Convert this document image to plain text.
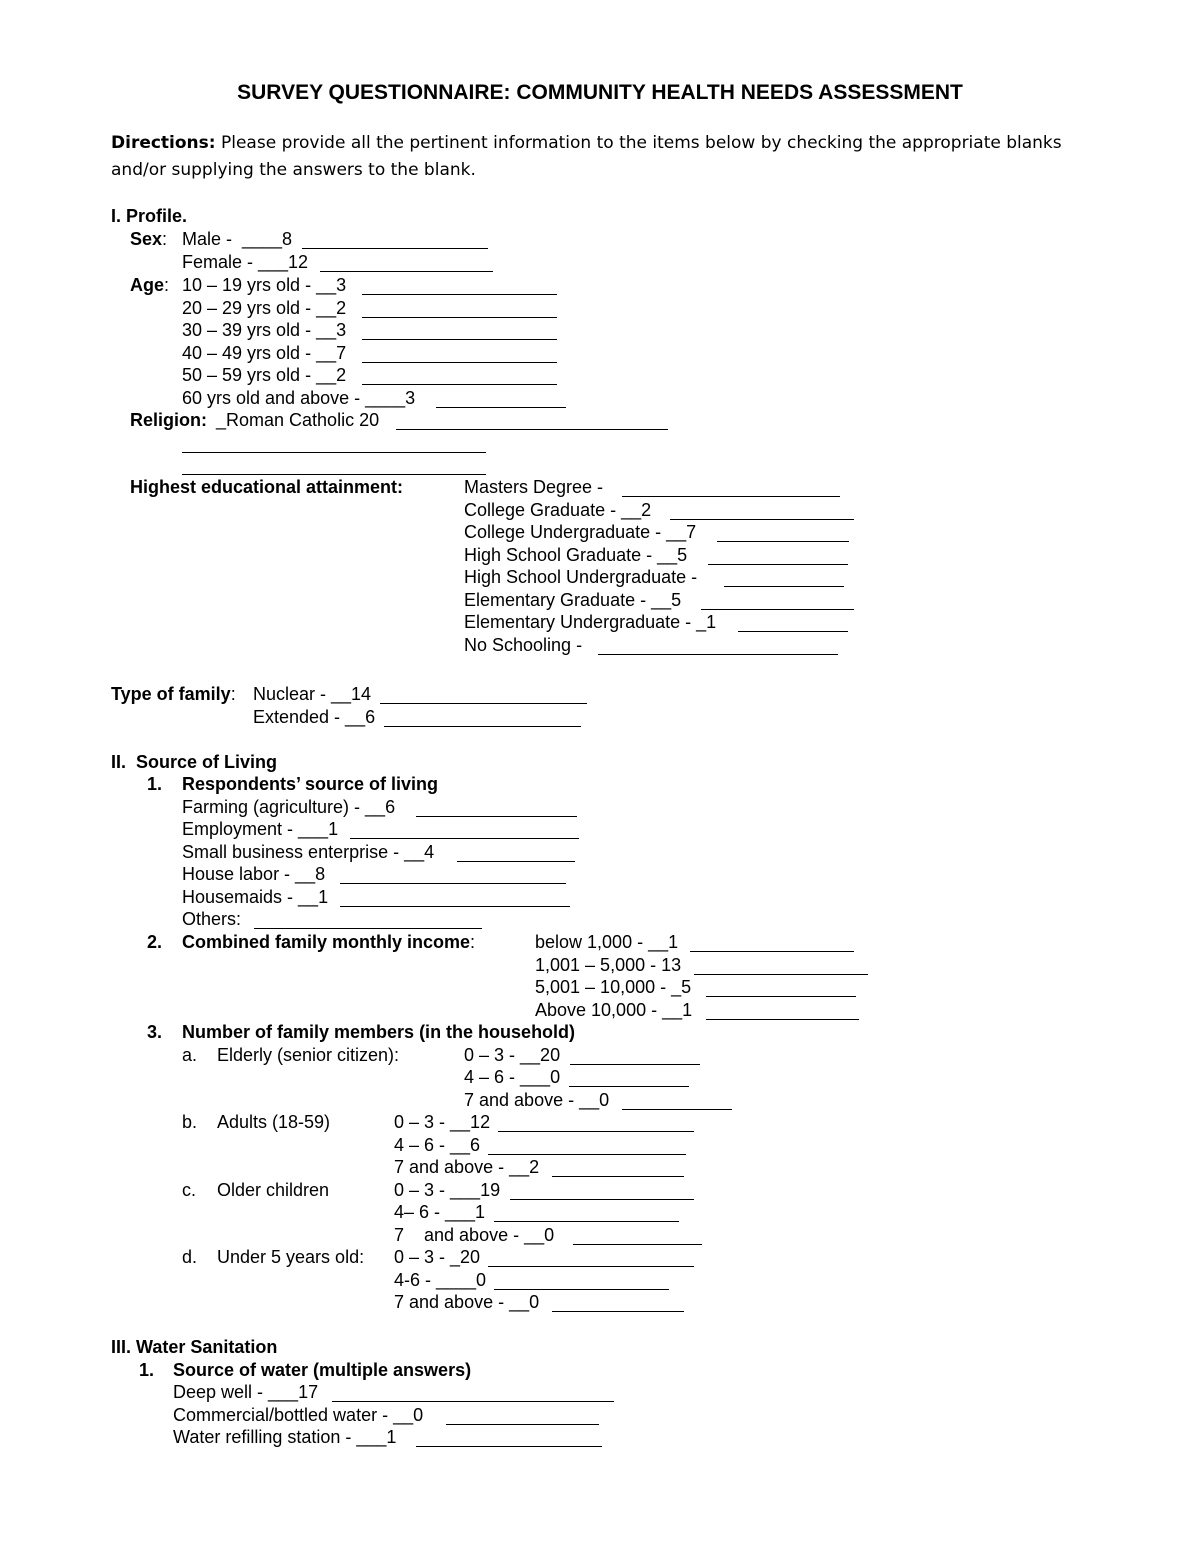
SURVEY QUESTIONNAIRE: COMMUNITY HEALTH NEEDS ASSESSMENT
Directions: Please provide all the pertinent information to the items below by checking the appropriate blanks
and/or supplying the answers to the blank.
I. Profile.
Sex: Male -  ____8
Female - ___12
Age: 10 – 19 yrs old - __3
20 – 29 yrs old - __2
30 – 39 yrs old - __3
40 – 49 yrs old - __7
50 – 59 yrs old - __2
60 yrs old and above - ____3
Religion: _Roman Catholic 20
Highest educational attainment:	Masters Degree -
College Graduate - __2
College Undergraduate - __7
High School Graduate - __5
High School Undergraduate -
Elementary Graduate - __5
Elementary Undergraduate - _1
No Schooling -
Type of family: Nuclear - __14
Extended - __6
II.  Source of Living
1. Respondents’ source of living
Farming (agriculture) - __6
Employment - ___1
Small business enterprise - __4
House labor - __8
Housemaids - __1
Others:
2. Combined family monthly income:	below 1,000 - __1
1,001 – 5,000 - 13
5,001 – 10,000 - _5
Above 10,000 - __1
3. Number of family members (in the household)
a. Elderly (senior citizen):	0 – 3 - __20
4 – 6 - ___0
7 and above - __0
b. Adults (18-59)	0 – 3 - __12
4 – 6 - __6
7 and above - __2
c. Older children	0 – 3 - ___19
4– 6 - ___1
7    and above - __0
d. Under 5 years old: 0 – 3 - _20
4-6 - ____0
7 and above - __0
III. Water Sanitation
1. Source of water (multiple answers)
Deep well - ___17
Commercial/bottled water - __0
Water refilling station - ___1
